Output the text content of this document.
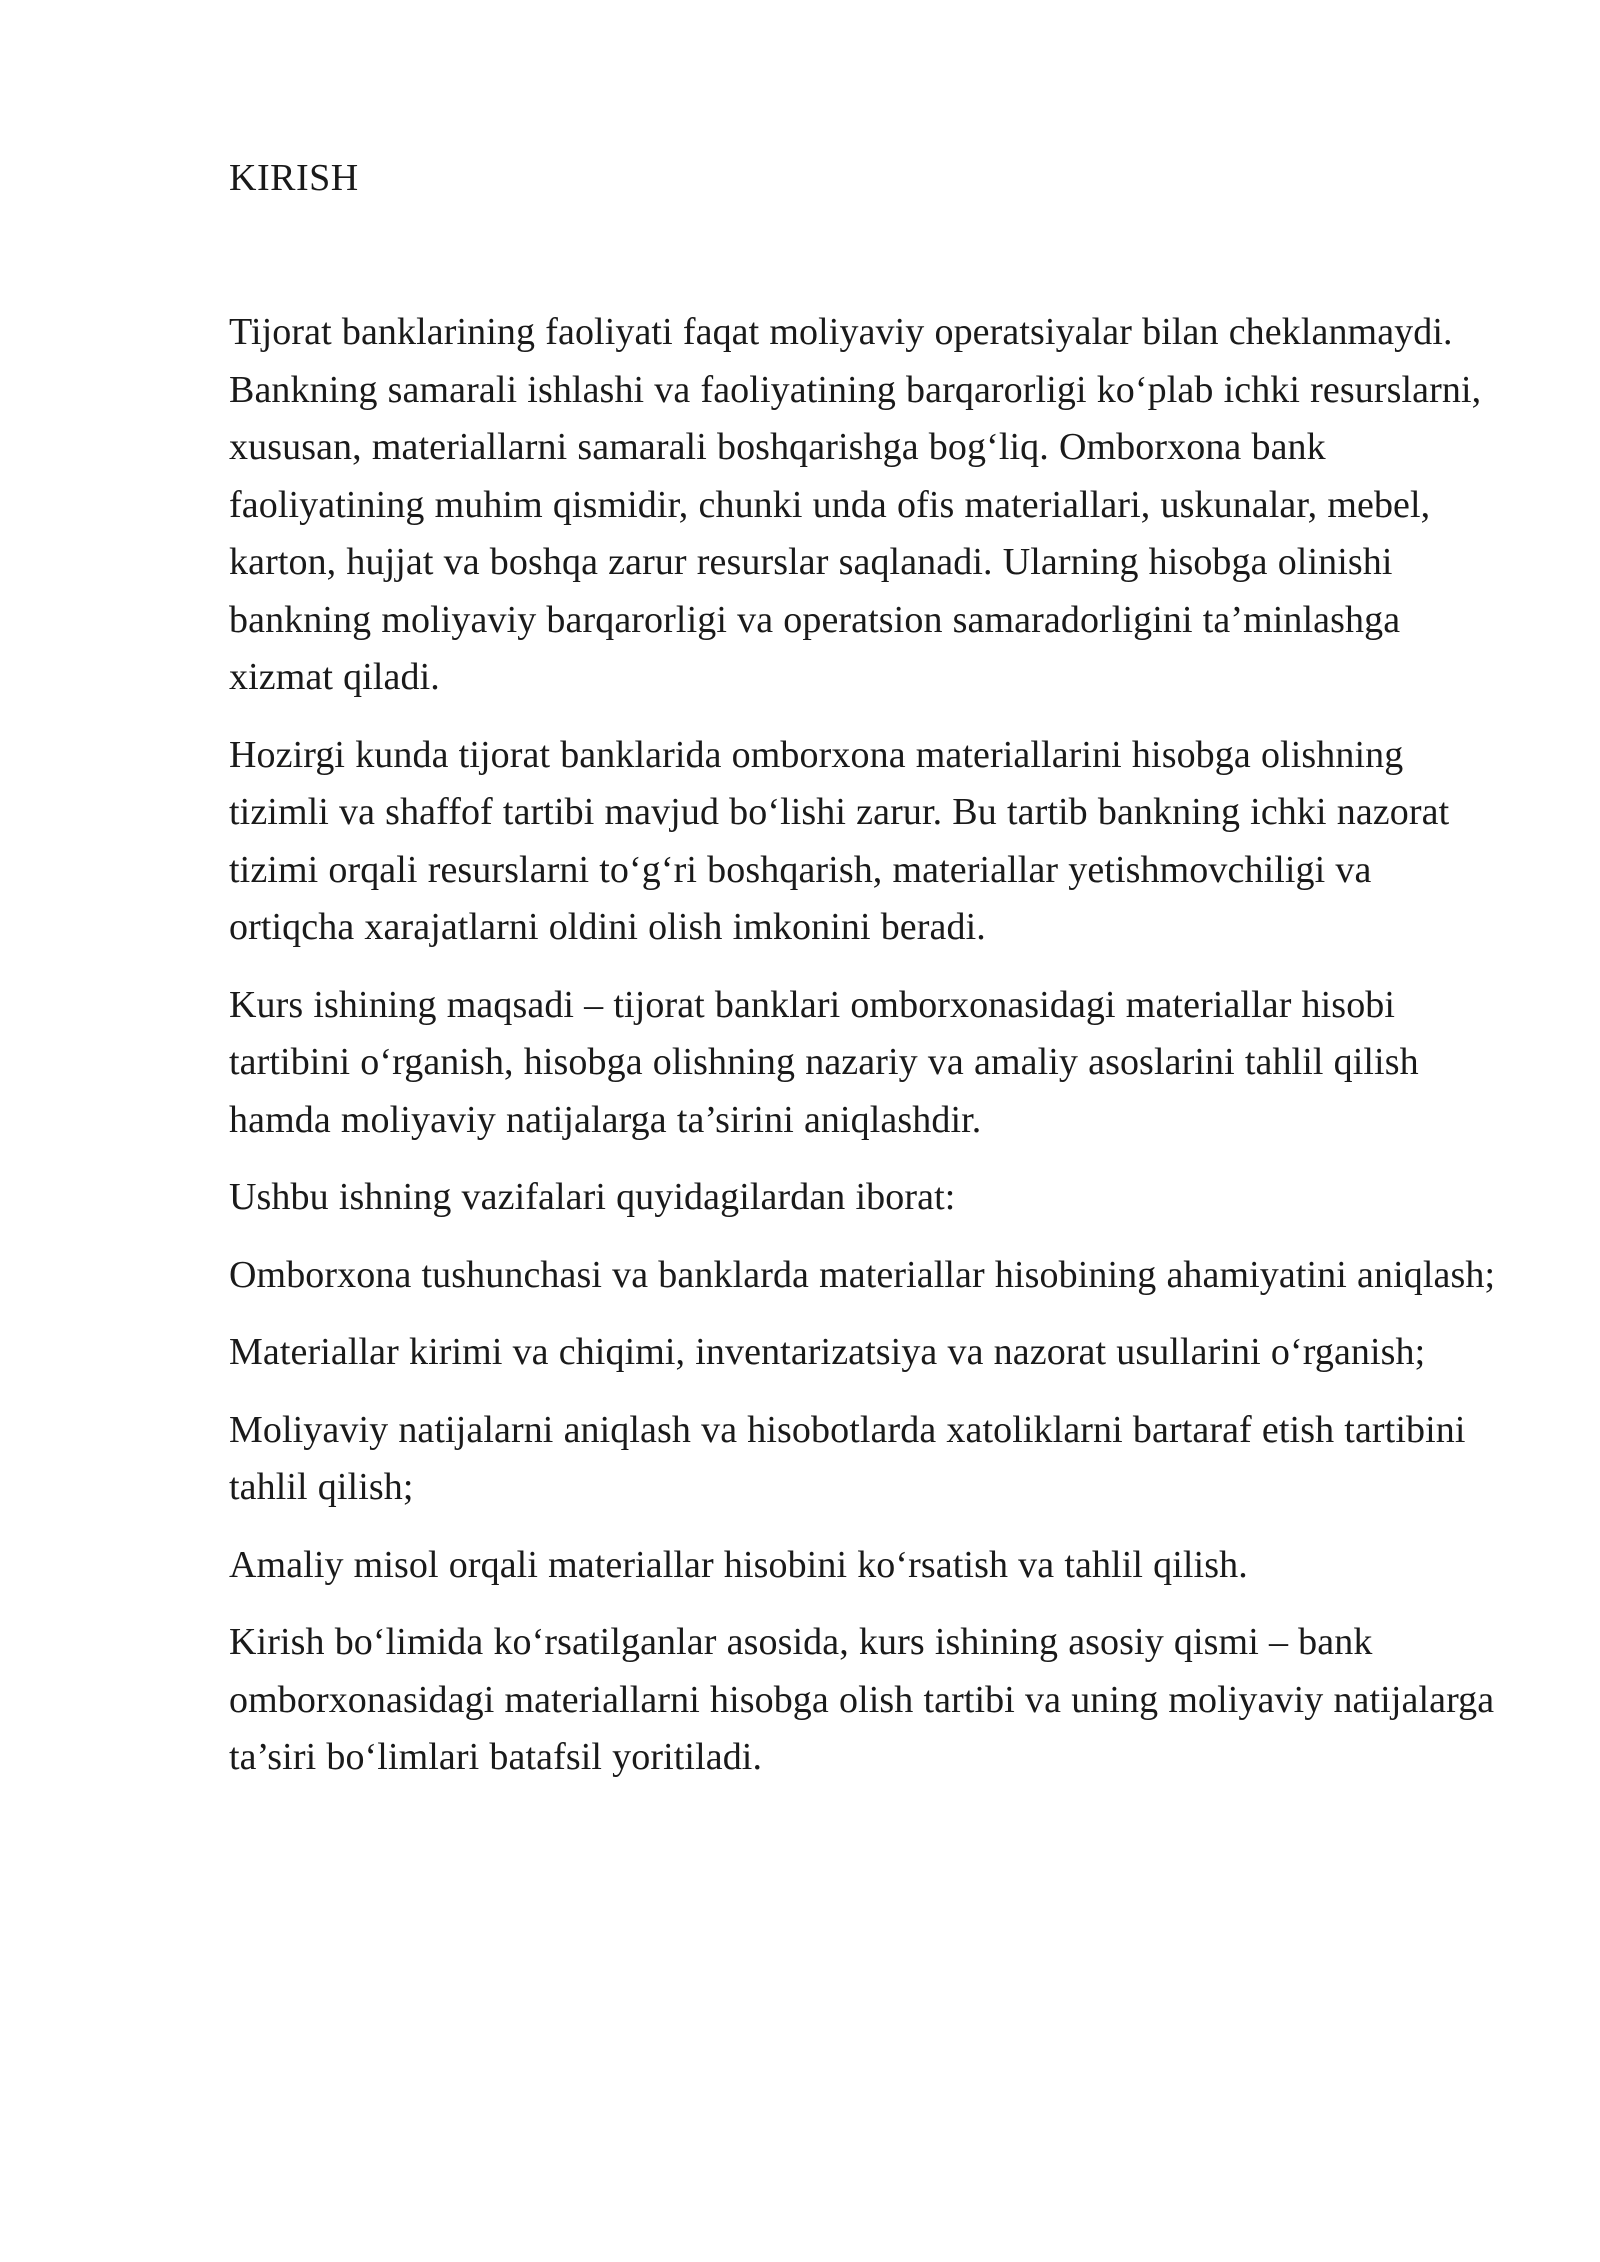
KIRISH

Tijorat banklarining faoliyati faqat moliyaviy operatsiyalar bilan cheklanmaydi. Bankning samarali ishlashi va faoliyatining barqarorligi ko‘plab ichki resurslarni, xususan, materiallarni samarali boshqarishga bog‘liq. Omborxona bank faoliyatining muhim qismidir, chunki unda ofis materiallari, uskunalar, mebel, karton, hujjat va boshqa zarur resurslar saqlanadi. Ularning hisobga olinishi bankning moliyaviy barqarorligi va operatsion samaradorligini ta’minlashga xizmat qiladi.

Hozirgi kunda tijorat banklarida omborxona materiallarini hisobga olishning tizimli va shaffof tartibi mavjud bo‘lishi zarur. Bu tartib bankning ichki nazorat tizimi orqali resurslarni to‘g‘ri boshqarish, materiallar yetishmovchiligi va ortiqcha xarajatlarni oldini olish imkonini beradi.

Kurs ishining maqsadi – tijorat banklari omborxonasidagi materiallar hisobi tartibini o‘rganish, hisobga olishning nazariy va amaliy asoslarini tahlil qilish hamda moliyaviy natijalarga ta’sirini aniqlashdir.

Ushbu ishning vazifalari quyidagilardan iborat:

Omborxona tushunchasi va banklarda materiallar hisobining ahamiyatini aniqlash;

Materiallar kirimi va chiqimi, inventarizatsiya va nazorat usullarini o‘rganish;

Moliyaviy natijalarni aniqlash va hisobotlarda xatoliklarni bartaraf etish tartibini tahlil qilish;

Amaliy misol orqali materiallar hisobini ko‘rsatish va tahlil qilish.

Kirish bo‘limida ko‘rsatilganlar asosida, kurs ishining asosiy qismi – bank omborxonasidagi materiallarni hisobga olish tartibi va uning moliyaviy natijalarga ta’siri bo‘limlari batafsil yoritiladi.
